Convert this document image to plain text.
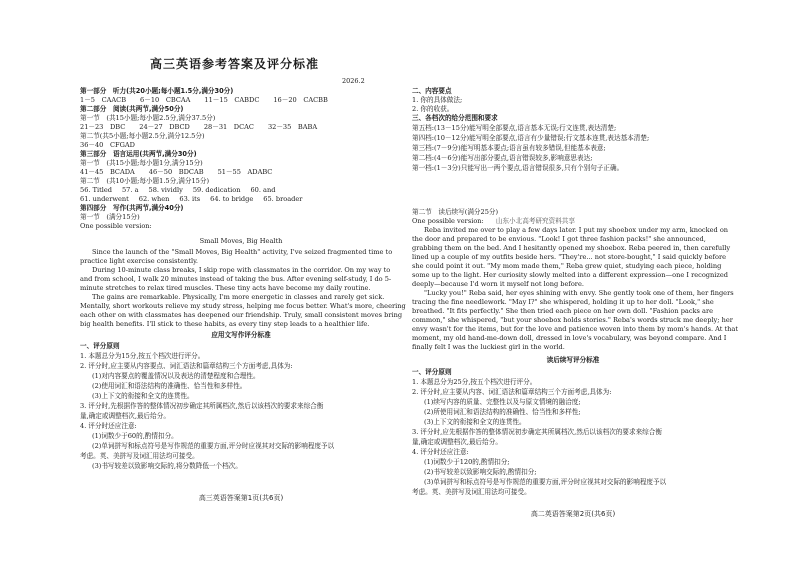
高三英语参考答案及评分标准
2026.2
第一部分　听力(共20小题;每小题1.5分,满分30分)
1－5　CAACB 6－10　CBCAA 11－15　CABDC 16－20　CACBB
第二部分　阅读(共两节,满分50分)
第一节　(共15小题;每小题2.5分,满分37.5分)
21－23　DBC 24－27　DBCD 28－31　DCAC 32－35　BABA
第二节(共5小题;每小题2.5分,满分12.5分)
36－40　CFGAD
第三部分　语言运用(共两节,满分30分)
第一节　(共15小题;每小题1分,满分15分)
41－45　BCADA 46－50　BDCAB 51－55　ADABC
第二节　(共10小题;每小题1.5分,满分15分)
56. Titled 57. a 58. vividly 59. dedication 60. and
61. underwent 62. when 63. its 64. to bridge 65. broader
第四部分　写作(共两节,满分40分)
第一节　(满分15分)
One possible version:
Small Moves, Big Health
Since the launch of the "Small Moves, Big Health" activity, I've seized fragmented time to
practice light exercise consistently.
During 10-minute class breaks, I skip rope with classmates in the corridor. On my way to
and from school, I walk 20 minutes instead of taking the bus. After evening self-study, I do 5-
minute stretches to relax tired muscles. These tiny acts have become my daily routine.
The gains are remarkable. Physically, I'm more energetic in classes and rarely get sick.
Mentally, short workouts relieve my study stress, helping me focus better. What's more, cheering
each other on with classmates has deepened our friendship. Truly, small consistent moves bring
big health benefits. I'll stick to these habits, as every tiny step leads to a healthier life.
应用文写作评分标准
一、评分原则
1. 本题总分为15分,按五个档次进行评分。
2. 评分时,应主要从内容要点、词汇语法和篇章结构三个方面考虑,具体为:
(1)对内容要点的覆盖情况以及表达的清楚程度和合理性。
(2)使用词汇和语法结构的准确性、恰当性和多样性。
(3)上下文的衔接和全文的连贯性。
3. 评分时,先根据作答的整体情况初步确定其所属档次,然后以该档次的要求来综合衡
量,确定或调整档次,最后给分。
4. 评分时还应注意:
(1)词数少于60的,酌情扣分。
(2)单词拼写和标点符号是写作规范的重要方面,评分时应视其对交际的影响程度予以
考虑。英、美拼写及词汇用法均可接受。
(3)书写较差以致影响交际的,将分数降低一个档次。
高三英语答案第1页(共6页)
二、内容要点
1. 你的具体做法;
2. 你的收获。
三、各档次的给分范围和要求
第五档:(13－15分)能写明全部要点,语言基本无误;行文连贯,表达清楚;
第四档:(10－12分)能写明全部要点,语言有少量错误;行文基本连贯,表达基本清楚;
第三档:(7－9分)能写明基本要点;语言虽有较多错误,但能基本表意;
第二档:(4－6分)能写出部分要点,语言错误较多,影响意思表达;
第一档:(1－3分)只能写出一两个要点,语言错误很多,只有个别句子正确。
第二节　读后续写(满分25分)
One possible version: 山东小北高考研究资料共享
Reba invited me over to play a few days later. I put my shoebox under my arm, knocked on
the door and prepared to be envious. "Look! I got three fashion packs!" she announced,
grabbing them on the bed. And I hesitantly opened my shoebox. Reba peered in, then carefully
lined up a couple of my outfits beside hers. "They're... not store-bought," I said quickly before
she could point it out. "My mom made them," Reba grew quiet, studying each piece, holding
some up to the light. Her curiosity slowly melted into a different expression—one I recognized
deeply—because I'd worn it myself not long before.
"Lucky you!" Reba said, her eyes shining with envy. She gently took one of them, her fingers
tracing the fine needlework. "May I?" she whispered, holding it up to her doll. "Look," she
breathed. "It fits perfectly." She then tried each piece on her own doll. "Fashion packs are
common," she whispered, "but your shoebox holds stories." Reba's words struck me deeply; her
envy wasn't for the items, but for the love and patience woven into them by mom's hands. At that
moment, my old hand-me-down doll, dressed in love's vocabulary, was beyond compare. And I
finally felt I was the luckiest girl in the world.
读后续写评分标准
一、评分原则
1. 本题总分为25分,按五个档次进行评分。
2. 评分时,应主要从内容、词汇语法和篇章结构三个方面考虑,具体为:
(1)续写内容的质量、完整性以及与原文情境的融洽度;
(2)所使用词汇和语法结构的准确性、恰当性和多样性;
(3)上下文的衔接和全文的连贯性。
3. 评分时,应先根据作答的整体情况初步确定其所属档次,然后以该档次的要求来综合衡
量,确定或调整档次,最后给分。
4. 评分时还应注意:
(1)词数少于120的,酌情扣分;
(2)书写较差以致影响交际的,酌情扣分;
(3)单词拼写和标点符号是写作规范的重要方面,评分时应视其对交际的影响程度予以
考虑。英、美拼写及词汇用法均可接受。
高二英语答案第2页(共6页)
